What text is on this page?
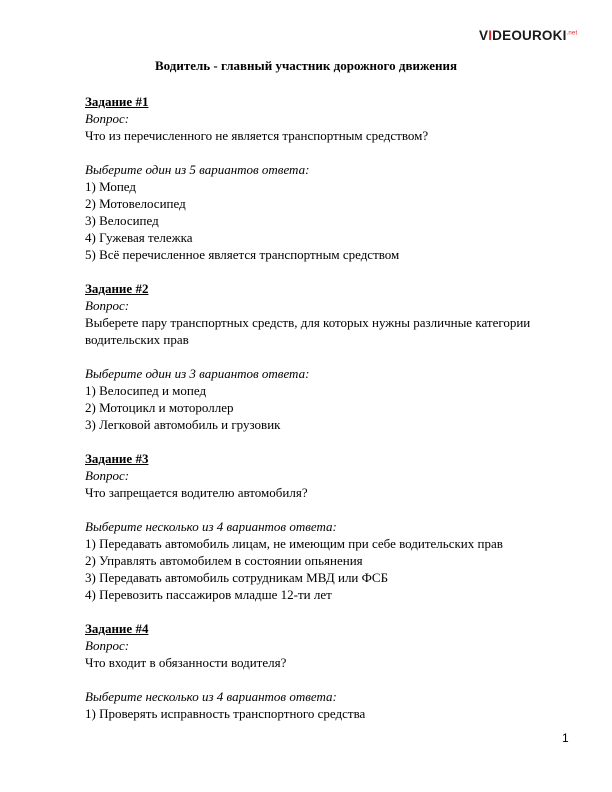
$VIDEOUROKI^{.net}$
Водитель - главный участник дорожного движения
Задание #1
Вопрос:
Что из перечисленного не является транспортным средством?
Выберите один из 5 вариантов ответа:
1) Мопед
2) Мотовелосипед
3) Велосипед
4) Гужевая тележка
5) Всё перечисленное является транспортным средством
Задание #2
Вопрос:
Выберете пару транспортных средств, для которых нужны различные категории водительских прав
Выберите один из 3 вариантов ответа:
1) Велосипед и мопед
2) Мотоцикл и мотороллер
3) Легковой автомобиль и грузовик
Задание #3
Вопрос:
Что запрещается водителю автомобиля?
Выберите несколько из 4 вариантов ответа:
1) Передавать автомобиль лицам, не имеющим при себе водительских прав
2) Управлять автомобилем в состоянии опьянения
3) Передавать автомобиль сотрудникам МВД или ФСБ
4) Перевозить пассажиров младше 12-ти лет
Задание #4
Вопрос:
Что входит в обязанности водителя?
Выберите несколько из 4 вариантов ответа:
1) Проверять исправность транспортного средства
1
